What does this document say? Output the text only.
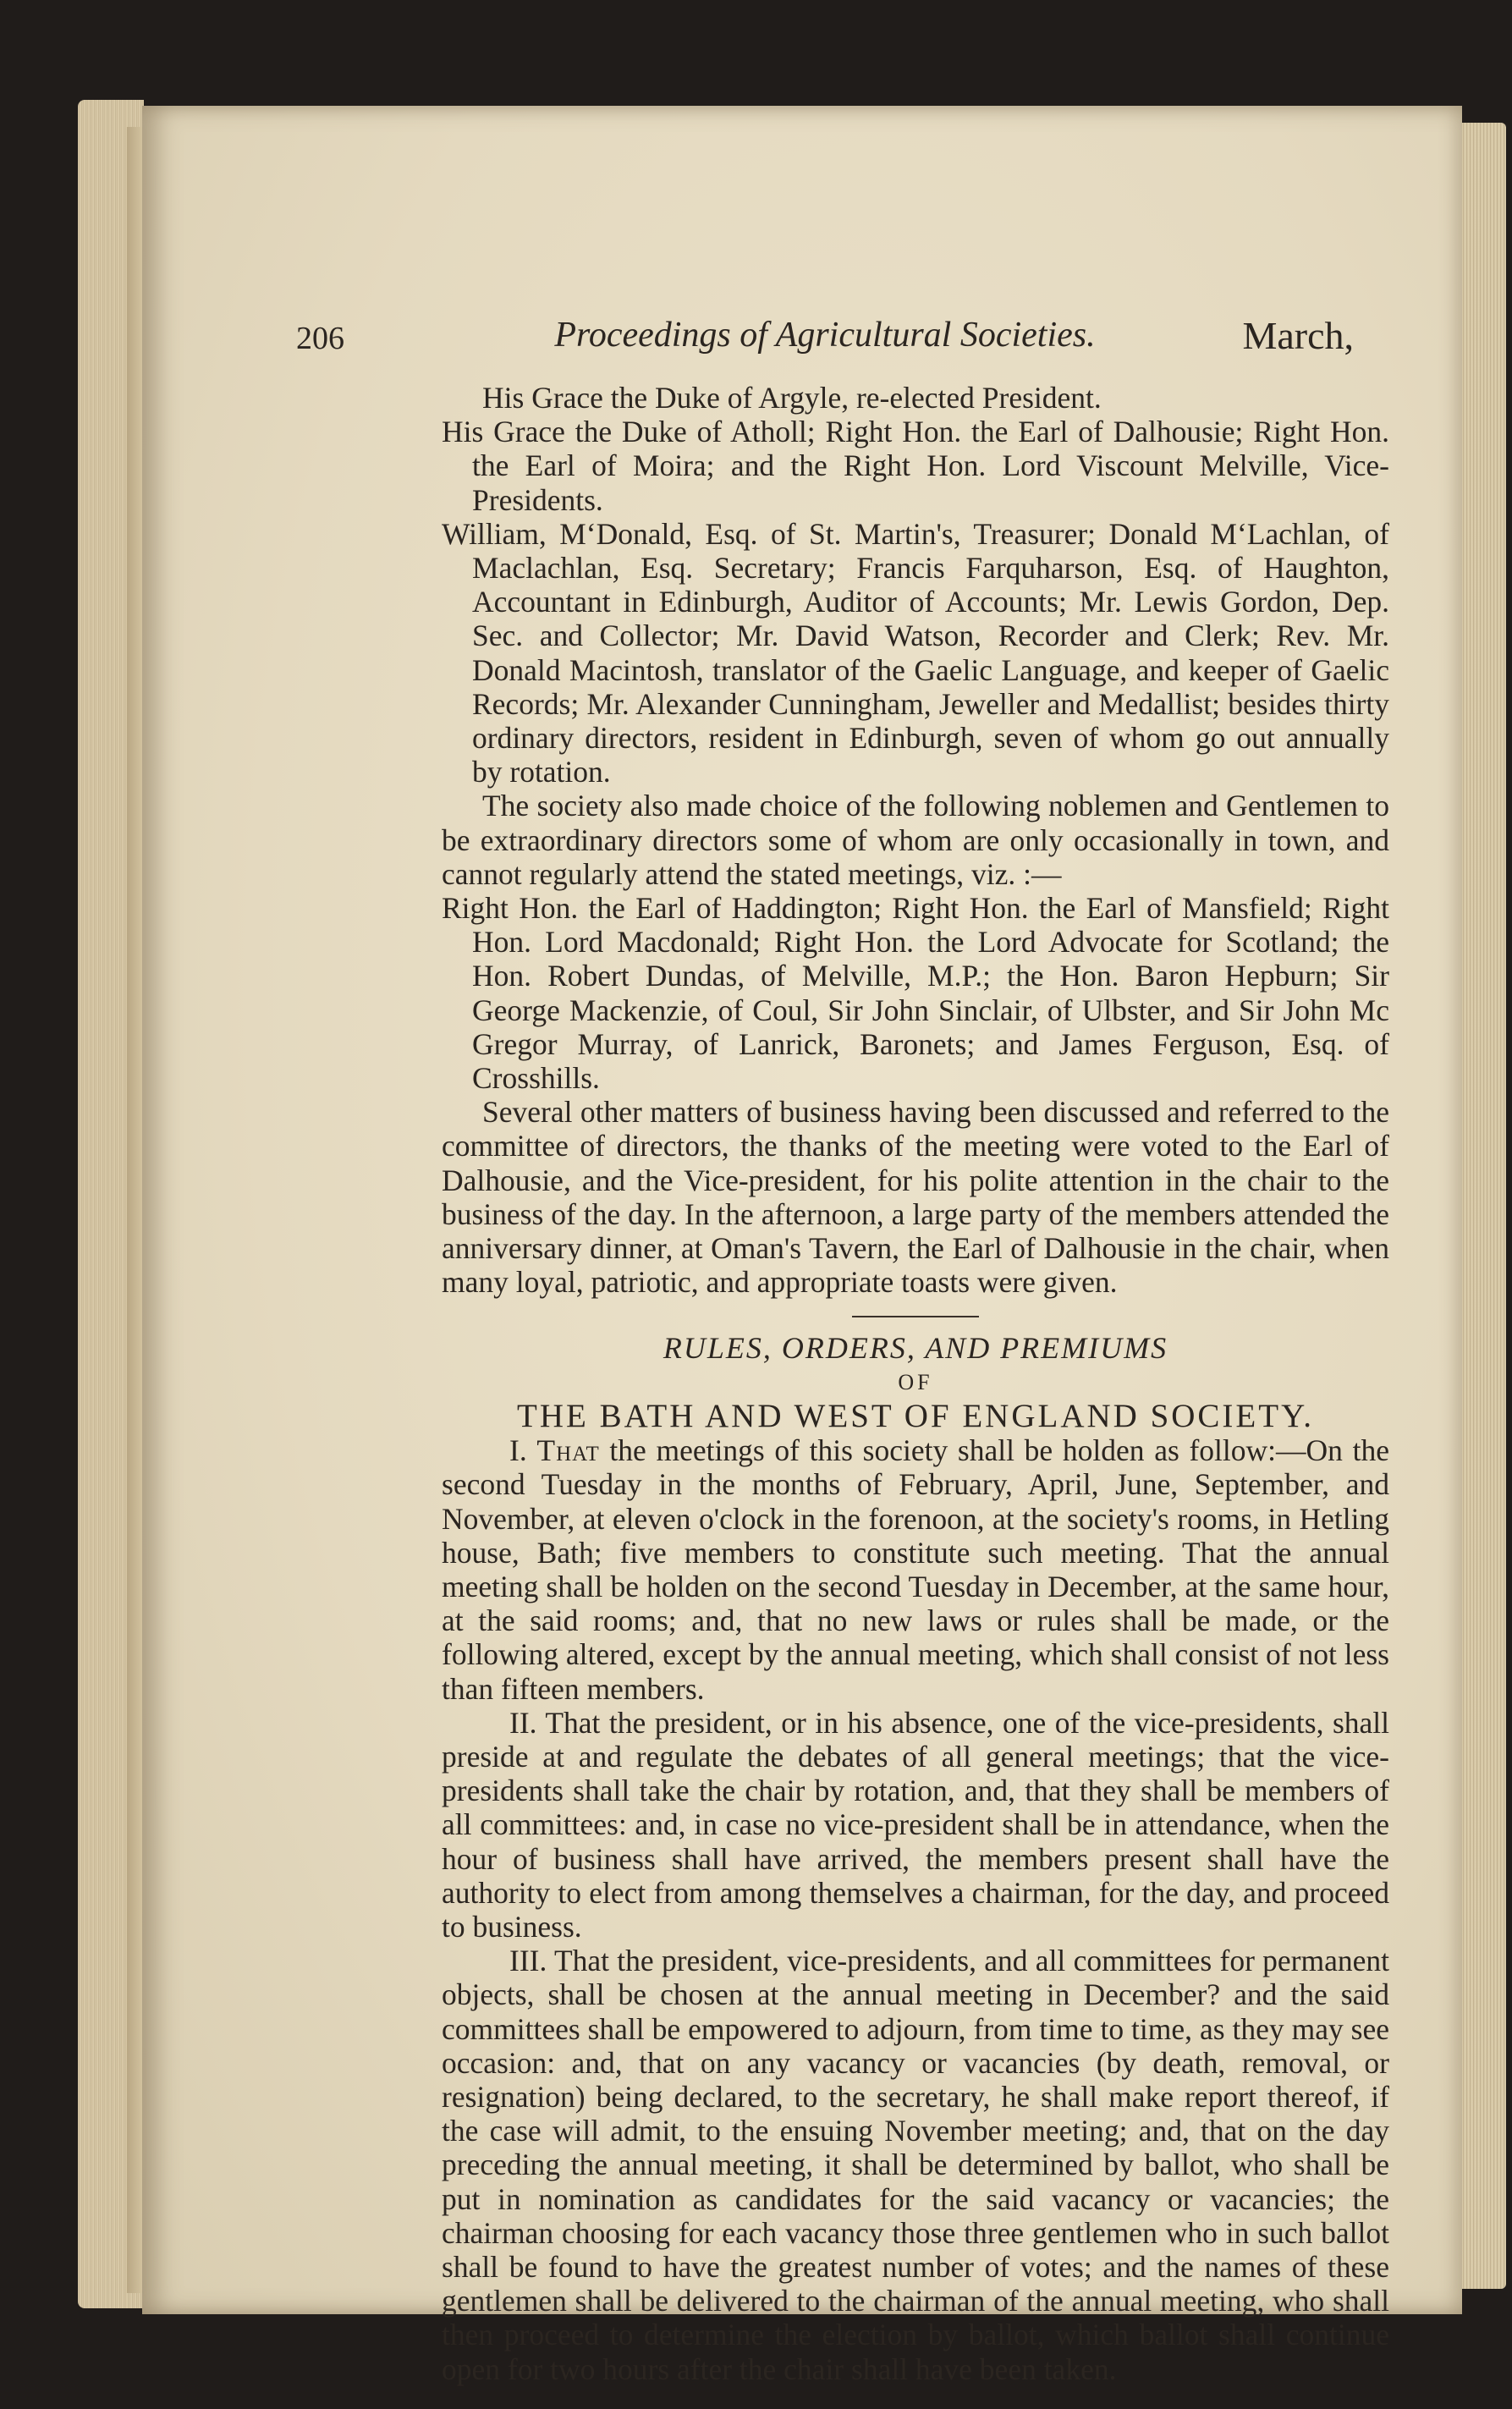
206	Proceedings of Agricultural Societies.	March,

His Grace the Duke of Argyle, re-elected President.

His Grace the Duke of Atholl; Right Hon. the Earl of Dalhousie; Right Hon. the Earl of Moira; and the Right Hon. Lord Viscount Melville, Vice-Presidents.

William, M‘Donald, Esq. of St. Martin's, Treasurer; Donald M‘Lachlan, of Maclachlan, Esq. Secretary; Francis Farquharson, Esq. of Haughton, Accountant in Edinburgh, Auditor of Accounts; Mr. Lewis Gordon, Dep. Sec. and Collector; Mr. David Watson, Recorder and Clerk; Rev. Mr. Donald Macintosh, translator of the Gaelic Language, and keeper of Gaelic Records; Mr. Alexander Cunningham, Jeweller and Medallist; besides thirty ordinary directors, resident in Edinburgh, seven of whom go out annually by rotation.

The society also made choice of the following noblemen and Gentlemen to be extraordinary directors some of whom are only occasionally in town, and cannot regularly attend the stated meetings, viz. :—

Right Hon. the Earl of Haddington; Right Hon. the Earl of Mansfield; Right Hon. Lord Macdonald; Right Hon. the Lord Advocate for Scotland; the Hon. Robert Dundas, of Melville, M.P.; the Hon. Baron Hepburn; Sir George Mackenzie, of Coul, Sir John Sinclair, of Ulbster, and Sir John Mc Gregor Murray, of Lanrick, Baronets; and James Ferguson, Esq. of Crosshills.

Several other matters of business having been discussed and referred to the committee of directors, the thanks of the meeting were voted to the Earl of Dalhousie, and the Vice-president, for his polite attention in the chair to the business of the day. In the afternoon, a large party of the members attended the anniversary dinner, at Oman's Tavern, the Earl of Dalhousie in the chair, when many loyal, patriotic, and appropriate toasts were given.

RULES, ORDERS, AND PREMIUMS

OF

THE BATH AND WEST OF ENGLAND SOCIETY.

I. That the meetings of this society shall be holden as follow:—On the second Tuesday in the months of February, April, June, September, and November, at eleven o'clock in the forenoon, at the society's rooms, in Hetling house, Bath; five members to constitute such meeting. That the annual meeting shall be holden on the second Tuesday in December, at the same hour, at the said rooms; and, that no new laws or rules shall be made, or the following altered, except by the annual meeting, which shall consist of not less than fifteen members.

II. That the president, or in his absence, one of the vice-presidents, shall preside at and regulate the debates of all general meetings; that the vice-presidents shall take the chair by rotation, and, that they shall be members of all committees: and, in case no vice-president shall be in attendance, when the hour of business shall have arrived, the members present shall have the authority to elect from among themselves a chairman, for the day, and proceed to business.

III. That the president, vice-presidents, and all committees for permanent objects, shall be chosen at the annual meeting in December? and the said committees shall be empowered to adjourn, from time to time, as they may see occasion: and, that on any vacancy or vacancies (by death, removal, or resignation) being declared, to the secretary, he shall make report thereof, if the case will admit, to the ensuing November meeting; and, that on the day preceding the annual meeting, it shall be determined by ballot, who shall be put in nomination as candidates for the said vacancy or vacancies; the chairman choosing for each vacancy those three gentlemen who in such ballot shall be found to have the greatest number of votes; and the names of these gentlemen shall be delivered to the chairman of the annual meeting, who shall then proceed to determine the election by ballot, which ballot shall continue open for two hours after the chair shall have been taken.
